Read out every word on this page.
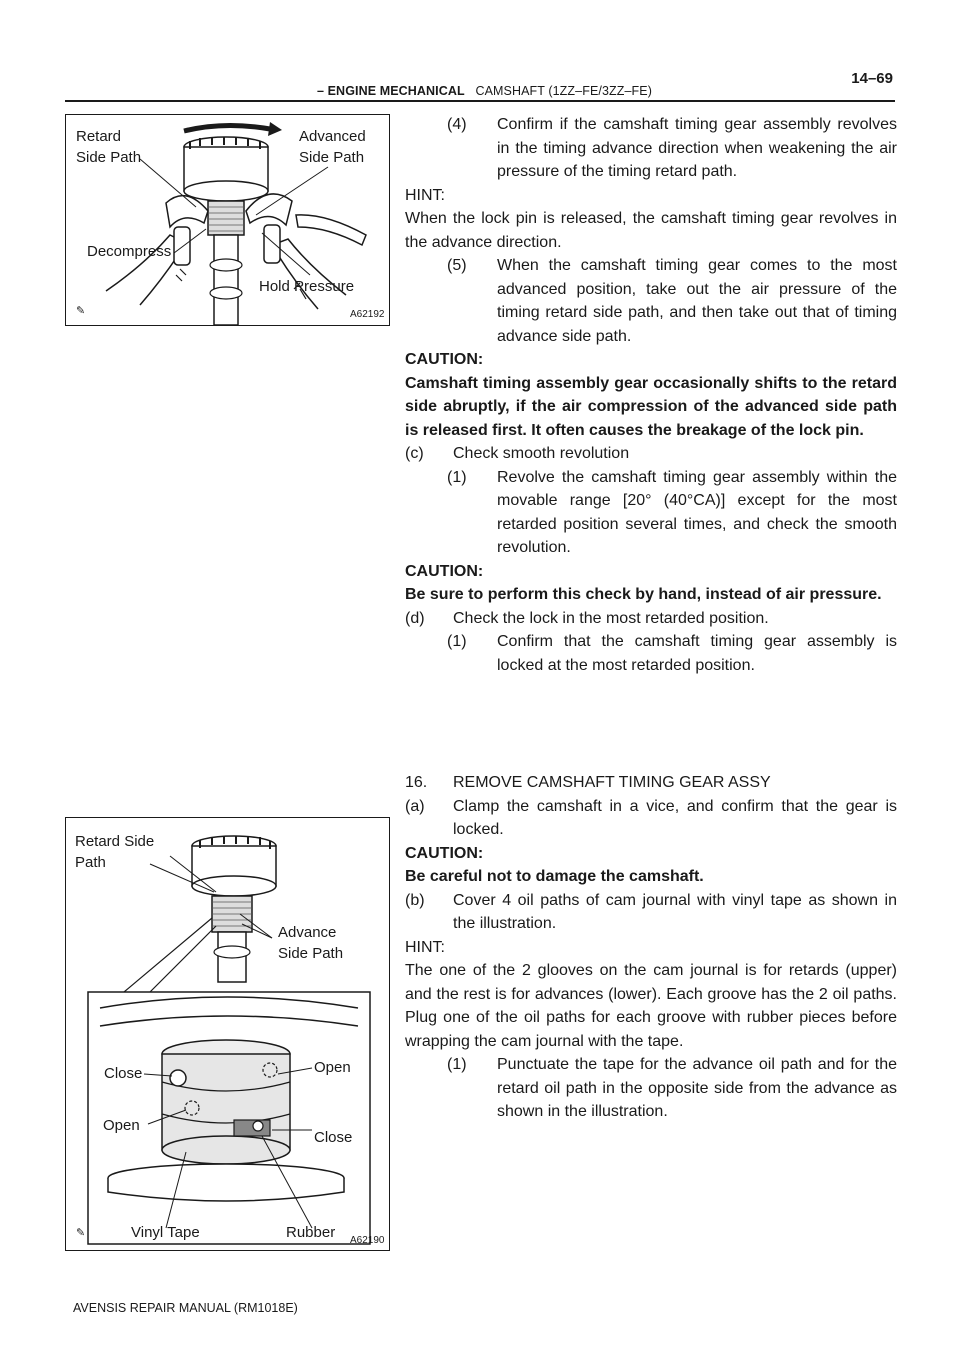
– ENGINE MECHANICAL CAMSHAFT (1ZZ–FE/3ZZ–FE)
14–69
Retard
Side Path
Advanced
Side Path
Decompress
Hold Pressure
✎	A62192
Retard Side
Path
Advance
Side Path
Close	Open
Open
Close
Vinyl Tape	Rubber
✎
A62190

(4) Confirm if the camshaft timing gear assembly revolves in the timing advance direction when weakening the air pressure of the timing retard path.

HINT:

When the lock pin is released, the camshaft timing gear revolves in the advance direction.

(5) When the camshaft timing gear comes to the most advanced position, take out the air pressure of the timing retard side path, and then take out that of timing advance side path.

CAUTION:

Camshaft timing assembly gear occasionally shifts to the retard side abruptly, if the air compression of the advanced side path is released first. It often causes the breakage of the lock pin.

(c) Check smooth revolution

(1) Revolve the camshaft timing gear assembly within the movable range [20° (40°CA)] except for the most retarded position several times, and check the smooth revolution.

CAUTION:

Be sure to perform this check by hand, instead of air pressure.

(d) Check the lock in the most retarded position.

(1) Confirm that the camshaft timing gear assembly is locked at the most retarded position.

16. REMOVE CAMSHAFT TIMING GEAR ASSY

(a) Clamp the camshaft in a vice, and confirm that the gear is locked.

CAUTION:

Be careful not to damage the camshaft.

(b) Cover 4 oil paths of cam journal with vinyl tape as shown in the illustration.

HINT:

The one of the 2 glooves on the cam journal is for retards (upper) and the rest is for advances (lower). Each groove has the 2 oil paths. Plug one of the oil paths for each groove with rubber pieces before wrapping the cam journal with the tape.

(1) Punctuate the tape for the advance oil path and for the retard oil path in the opposite side from the advance as shown in the illustration.

AVENSIS REPAIR MANUAL (RM1018E)
